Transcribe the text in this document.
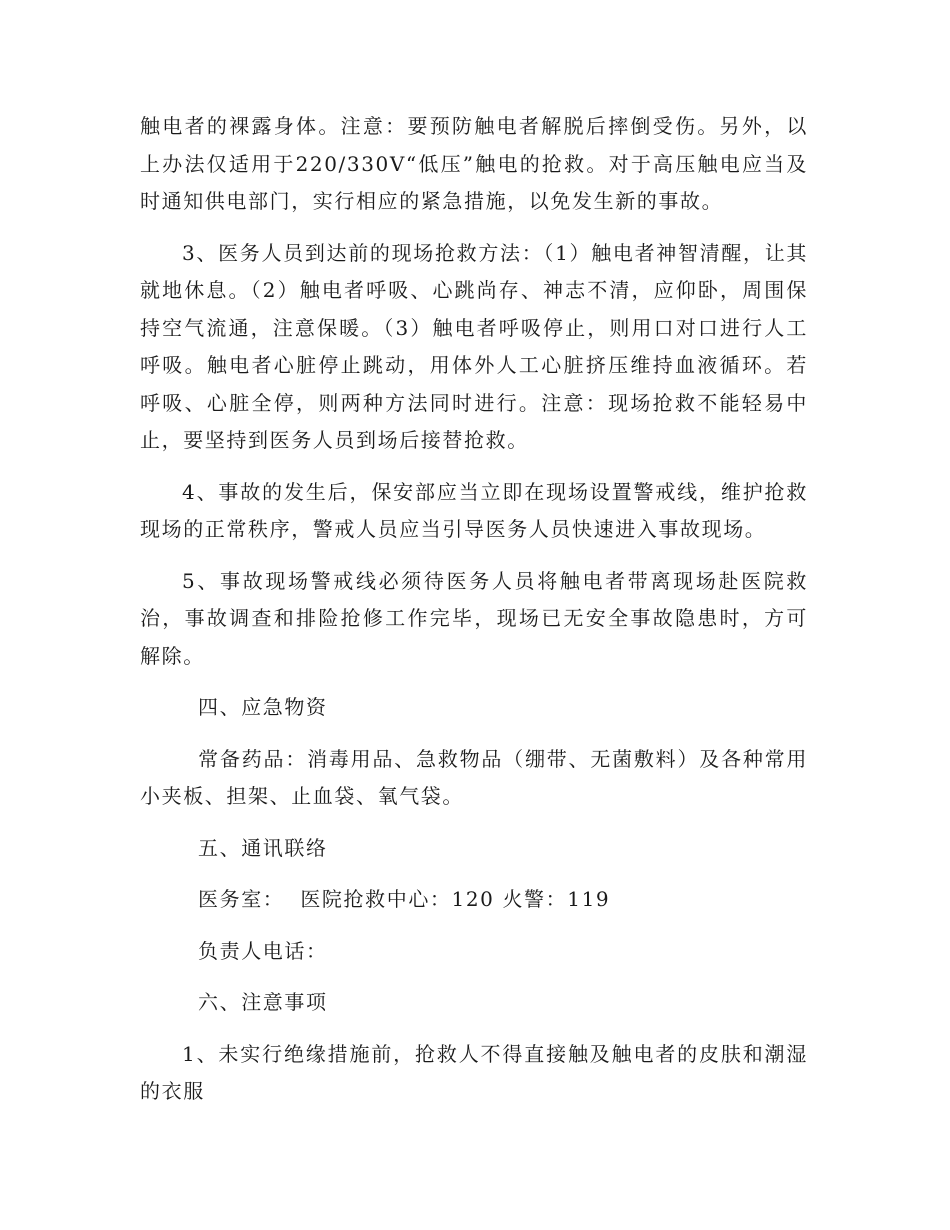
触电者的裸露身体。注意：要预防触电者解脱后摔倒受伤。另外，以上办法仅适用于220/330V“低压”触电的抢救。对于高压触电应当及时通知供电部门，实行相应的紧急措施，以免发生新的事故。

3、医务人员到达前的现场抢救方法：（1）触电者神智清醒，让其就地休息。（2）触电者呼吸、心跳尚存、神志不清，应仰卧，周围保持空气流通，注意保暖。（3）触电者呼吸停止，则用口对口进行人工呼吸。触电者心脏停止跳动，用体外人工心脏挤压维持血液循环。若呼吸、心脏全停，则两种方法同时进行。注意：现场抢救不能轻易中止，要坚持到医务人员到场后接替抢救。

4、事故的发生后，保安部应当立即在现场设置警戒线，维护抢救现场的正常秩序，警戒人员应当引导医务人员快速进入事故现场。

5、事故现场警戒线必须待医务人员将触电者带离现场赴医院救治，事故调查和排险抢修工作完毕，现场已无安全事故隐患时，方可解除。

四、应急物资

常备药品：消毒用品、急救物品（绷带、无菌敷料）及各种常用小夹板、担架、止血袋、氧气袋。

五、通讯联络

医务室：  医院抢救中心：120 火警：119

负责人电话：

六、注意事项

1、未实行绝缘措施前，抢救人不得直接触及触电者的皮肤和潮湿的衣服
